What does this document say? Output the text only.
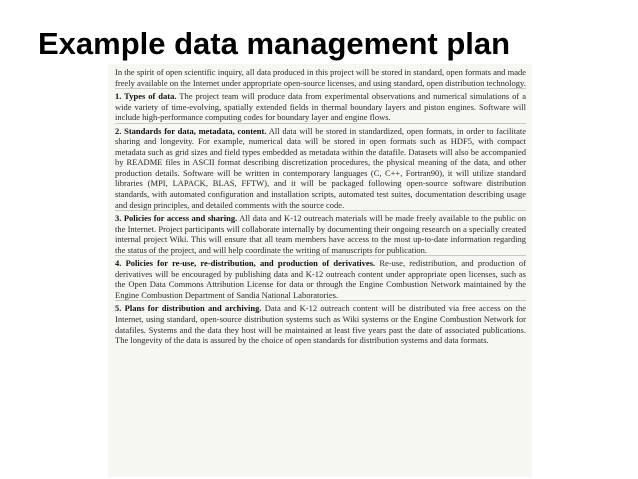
Example data management plan

In the spirit of open scientific inquiry, all data produced in this project will be stored in standard, open formats and made freely available on the Internet under appropriate open-source licenses, and using standard, open distribution technology.

1. Types of data. The project team will produce data from experimental observations and numerical simulations of a wide variety of time-evolving, spatially extended fields in thermal boundary layers and piston engines. Software will include high-performance computing codes for boundary layer and engine flows.

2. Standards for data, metadata, content. All data will be stored in standardized, open formats, in order to facilitate sharing and longevity. For example, numerical data will be stored in open formats such as HDF5, with compact metadata such as grid sizes and field types embedded as metadata within the datafile. Datasets will also be accompanied by README files in ASCII format describing discretization procedures, the physical meaning of the data, and other production details. Software will be written in contemporary languages (C, C++, Fortran90), it will utilize standard libraries (MPI, LAPACK, BLAS, FFTW), and it will be packaged following open-source software distribution standards, with automated configuration and installation scripts, automated test suites, documentation describing usage and design principles, and detailed comments with the source code.

3. Policies for access and sharing. All data and K-12 outreach materials will be made freely available to the public on the Internet. Project participants will collaborate internally by documenting their ongoing research on a specially created internal project Wiki. This will ensure that all team members have access to the most up-to-date information regarding the status of the project, and will help coordinate the writing of manuscripts for publication.

4. Policies for re-use, re-distribution, and production of derivatives. Re-use, redistribution, and production of derivatives will be encouraged by publishing data and K-12 outreach content under appropriate open licenses, such as the Open Data Commons Attribution License for data or through the Engine Combustion Network maintained by the Engine Combustion Department of Sandia National Laboratories.

5. Plans for distribution and archiving. Data and K-12 outreach content will be distributed via free access on the Internet, using standard, open-source distribution systems such as Wiki systems or the Engine Combustion Network for datafiles. Systems and the data they host will be maintained at least five years past the date of associated publications. The longevity of the data is assured by the choice of open standards for distribution systems and data formats.
